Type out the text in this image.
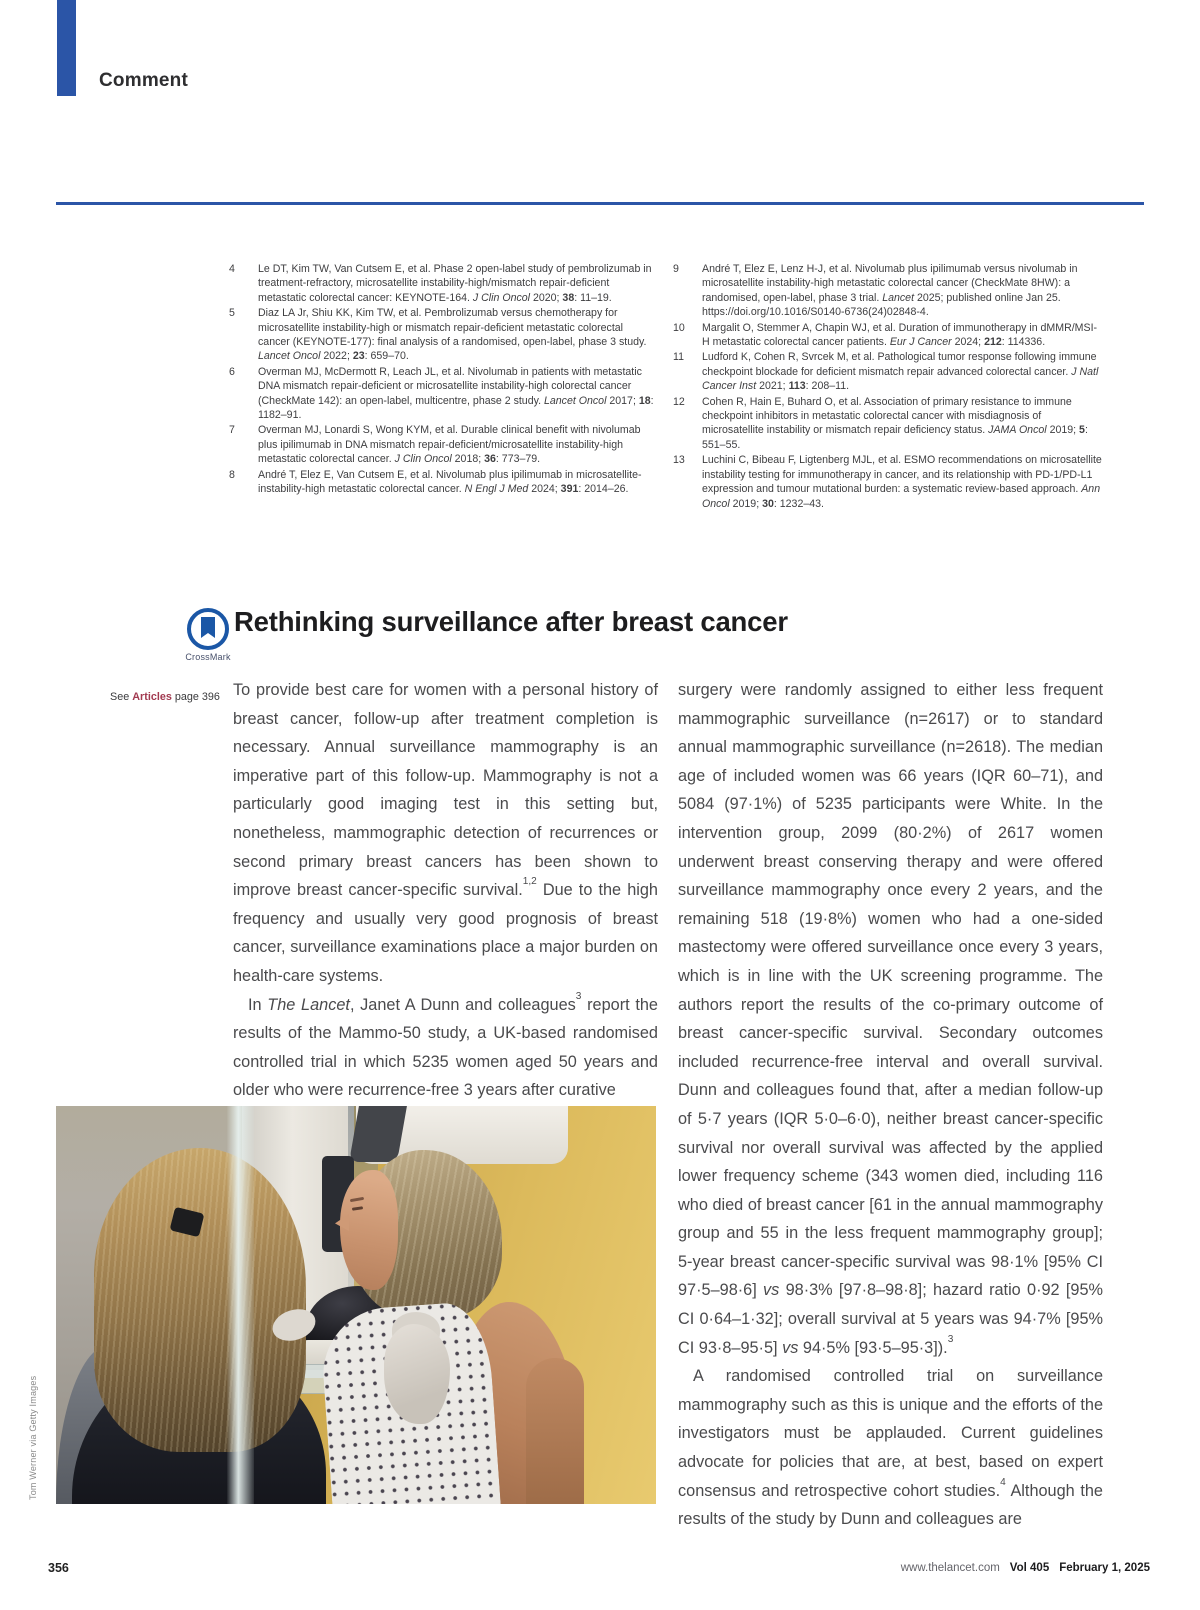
Comment
4	Le DT, Kim TW, Van Cutsem E, et al. Phase 2 open-label study of pembrolizumab in treatment-refractory, microsatellite instability-high/mismatch repair-deficient metastatic colorectal cancer: KEYNOTE-164. J Clin Oncol 2020; 38: 11–19.
5	Diaz LA Jr, Shiu KK, Kim TW, et al. Pembrolizumab versus chemotherapy for microsatellite instability-high or mismatch repair-deficient metastatic colorectal cancer (KEYNOTE-177): final analysis of a randomised, open-label, phase 3 study. Lancet Oncol 2022; 23: 659–70.
6	Overman MJ, McDermott R, Leach JL, et al. Nivolumab in patients with metastatic DNA mismatch repair-deficient or microsatellite instability-high colorectal cancer (CheckMate 142): an open-label, multicentre, phase 2 study. Lancet Oncol 2017; 18: 1182–91.
7	Overman MJ, Lonardi S, Wong KYM, et al. Durable clinical benefit with nivolumab plus ipilimumab in DNA mismatch repair-deficient/microsatellite instability-high metastatic colorectal cancer. J Clin Oncol 2018; 36: 773–79.
8	André T, Elez E, Van Cutsem E, et al. Nivolumab plus ipilimumab in microsatellite-instability-high metastatic colorectal cancer. N Engl J Med 2024; 391: 2014–26.
9	André T, Elez E, Lenz H-J, et al. Nivolumab plus ipilimumab versus nivolumab in microsatellite instability-high metastatic colorectal cancer (CheckMate 8HW): a randomised, open-label, phase 3 trial. Lancet 2025; published online Jan 25. https://doi.org/10.1016/S0140-6736(24)02848-4.
10	Margalit O, Stemmer A, Chapin WJ, et al. Duration of immunotherapy in dMMR/MSI-H metastatic colorectal cancer patients. Eur J Cancer 2024; 212: 114336.
11	Ludford K, Cohen R, Svrcek M, et al. Pathological tumor response following immune checkpoint blockade for deficient mismatch repair advanced colorectal cancer. J Natl Cancer Inst 2021; 113: 208–11.
12	Cohen R, Hain E, Buhard O, et al. Association of primary resistance to immune checkpoint inhibitors in metastatic colorectal cancer with misdiagnosis of microsatellite instability or mismatch repair deficiency status. JAMA Oncol 2019; 5: 551–55.
13	Luchini C, Bibeau F, Ligtenberg MJL, et al. ESMO recommendations on microsatellite instability testing for immunotherapy in cancer, and its relationship with PD-1/PD-L1 expression and tumour mutational burden: a systematic review-based approach. Ann Oncol 2019; 30: 1232–43.
CrossMark
Rethinking surveillance after breast cancer
See Articles page 396 To provide best care for women with a personal history of breast cancer, follow-up after treatment completion is necessary. Annual surveillance mammography is an imperative part of this follow-up. Mammography is not a particularly good imaging test in this setting but, nonetheless, mammographic detection of recurrences or second primary breast cancers has been shown to improve breast cancer-specific survival.$^{1,2}$ Due to the high frequency and usually very good prognosis of breast cancer, surveillance examinations place a major burden on health-care systems.

In The Lancet, Janet A Dunn and colleagues$^3$ report the results of the Mammo-50 study, a UK-based randomised controlled trial in which 5235 women aged 50 years and older who were recurrence-free 3 years after curative

surgery were randomly assigned to either less frequent mammographic surveillance (n=2617) or to standard annual mammographic surveillance (n=2618). The median age of included women was 66 years (IQR 60–71), and 5084 (97·1%) of 5235 participants were White. In the intervention group, 2099 (80·2%) of 2617 women underwent breast conserving therapy and were offered surveillance mammography once every 2 years, and the remaining 518 (19·8%) women who had a one-sided mastectomy were offered surveillance once every 3 years, which is in line with the UK screening programme. The authors report the results of the co-primary outcome of breast cancer-specific survival. Secondary outcomes included recurrence-free interval and overall survival. Dunn and colleagues found that, after a median follow-up of 5·7 years (IQR 5·0–6·0), neither breast cancer-specific survival nor overall survival was affected by the applied lower frequency scheme (343 women died, including 116 who died of breast cancer [61 in the annual mammography group and 55 in the less frequent mammography group]; 5-year breast cancer-specific survival was 98·1% [95% CI 97·5–98·6] vs 98·3% [97·8–98·8]; hazard ratio 0·92 [95% CI 0·64–1·32]; overall survival at 5 years was 94·7% [95% CI 93·8–95·5] vs 94·5% [93·5–95·3]).$^3$

A randomised controlled trial on surveillance mammography such as this is unique and the efforts of the investigators must be applauded. Current guidelines advocate for policies that are, at best, based on expert consensus and retrospective cohort studies.$^4$ Although the results of the study by Dunn and colleagues are

Tom Werner via Getty Images
356	www.thelancet.com Vol 405 February 1, 2025
